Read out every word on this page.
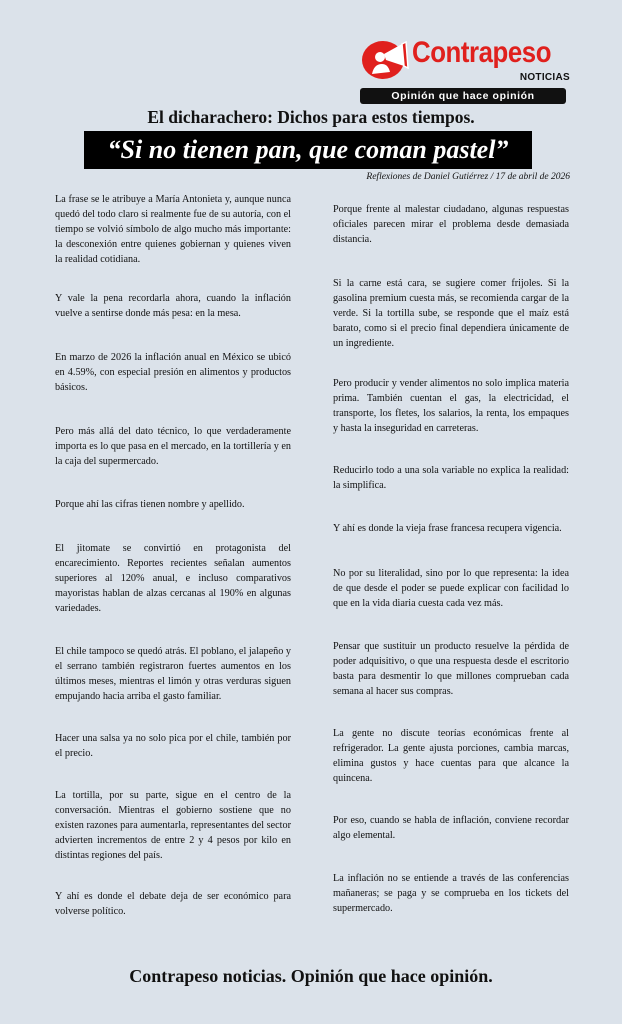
Contrapeso
NOTICIAS
Opinión que hace opinión
El dicharachero: Dichos para estos tiempos.
“Si no tienen pan, que coman pastel”
Reflexiones de Daniel Gutiérrez / 17 de abril de 2026

La frase se le atribuye a María Antonieta y, aunque nunca quedó del todo claro si realmente fue de su autoría, con el tiempo se volvió símbolo de algo mucho más importante: la desconexión entre quienes gobiernan y quienes viven la realidad cotidiana.

Y vale la pena recordarla ahora, cuando la inflación vuelve a sentirse donde más pesa: en la mesa.

En marzo de 2026 la inflación anual en México se ubicó en 4.59%, con especial presión en alimentos y productos básicos.

Pero más allá del dato técnico, lo que verdaderamente importa es lo que pasa en el mercado, en la tortillería y en la caja del supermercado.

Porque ahí las cifras tienen nombre y apellido.

El jitomate se convirtió en protagonista del encarecimiento. Reportes recientes señalan aumentos superiores al 120% anual, e incluso comparativos mayoristas hablan de alzas cercanas al 190% en algunas variedades.

El chile tampoco se quedó atrás. El poblano, el jalapeño y el serrano también registraron fuertes aumentos en los últimos meses, mientras el limón y otras verduras siguen empujando hacia arriba el gasto familiar.

Hacer una salsa ya no solo pica por el chile, también por el precio.

La tortilla, por su parte, sigue en el centro de la conversación. Mientras el gobierno sostiene que no existen razones para aumentarla, representantes del sector advierten incrementos de entre 2 y 4 pesos por kilo en distintas regiones del país.

Y ahí es donde el debate deja de ser económico para volverse político.

Porque frente al malestar ciudadano, algunas respuestas oficiales parecen mirar el problema desde demasiada distancia.

Si la carne está cara, se sugiere comer frijoles. Si la gasolina premium cuesta más, se recomienda cargar de la verde. Si la tortilla sube, se responde que el maíz está barato, como si el precio final dependiera únicamente de un ingrediente.

Pero producir y vender alimentos no solo implica materia prima. También cuentan el gas, la electricidad, el transporte, los fletes, los salarios, la renta, los empaques y hasta la inseguridad en carreteras.

Reducirlo todo a una sola variable no explica la realidad: la simplifica.

Y ahí es donde la vieja frase francesa recupera vigencia.

No por su literalidad, sino por lo que representa: la idea de que desde el poder se puede explicar con facilidad lo que en la vida diaria cuesta cada vez más.

Pensar que sustituir un producto resuelve la pérdida de poder adquisitivo, o que una respuesta desde el escritorio basta para desmentir lo que millones comprueban cada semana al hacer sus compras.

La gente no discute teorías económicas frente al refrigerador. La gente ajusta porciones, cambia marcas, elimina gustos y hace cuentas para que alcance la quincena.

Por eso, cuando se habla de inflación, conviene recordar algo elemental.

La inflación no se entiende a través de las conferencias mañaneras; se paga y se comprueba en los tickets del supermercado.

Contrapeso noticias. Opinión que hace opinión.
